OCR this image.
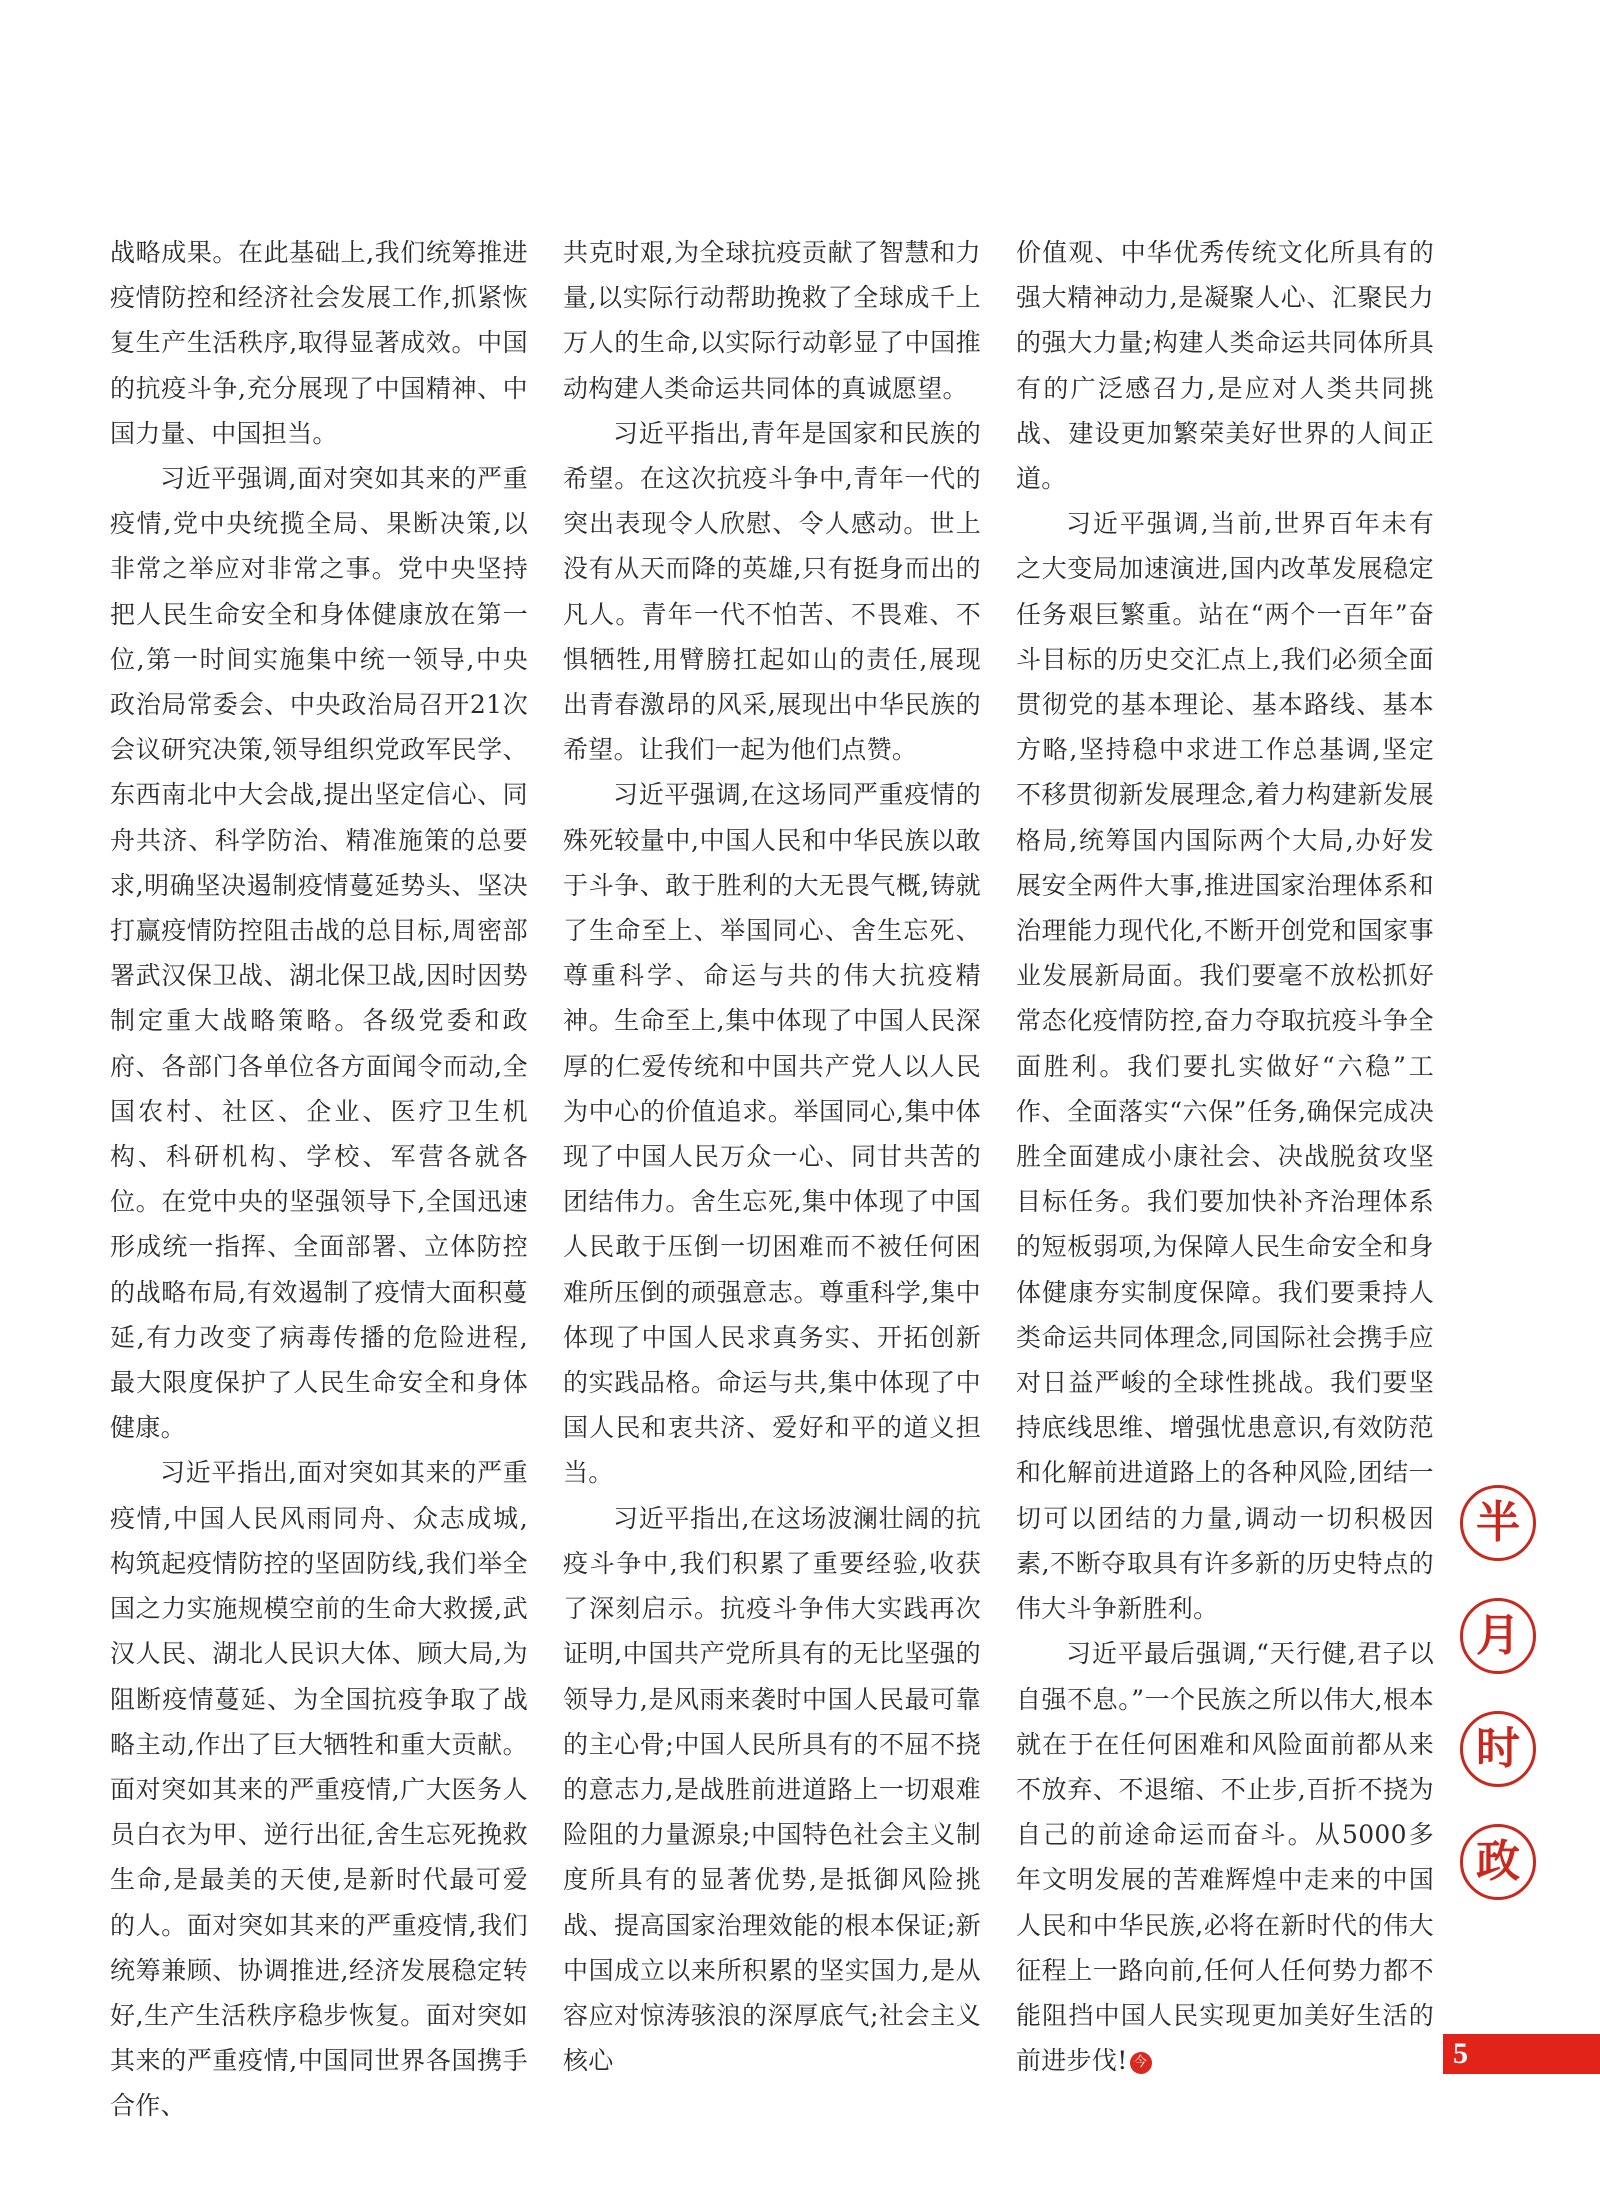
战略成果。在此基础上,我们统筹推进疫情防控和经济社会发展工作,抓紧恢复生产生活秩序,取得显著成效。中国的抗疫斗争,充分展现了中国精神、中国力量、中国担当。

习近平强调,面对突如其来的严重疫情,党中央统揽全局、果断决策,以非常之举应对非常之事。党中央坚持把人民生命安全和身体健康放在第一位,第一时间实施集中统一领导,中央政治局常委会、中央政治局召开21次会议研究决策,领导组织党政军民学、东西南北中大会战,提出坚定信心、同舟共济、科学防治、精准施策的总要求,明确坚决遏制疫情蔓延势头、坚决打赢疫情防控阻击战的总目标,周密部署武汉保卫战、湖北保卫战,因时因势制定重大战略策略。各级党委和政府、各部门各单位各方面闻令而动,全国农村、社区、企业、医疗卫生机构、科研机构、学校、军营各就各位。在党中央的坚强领导下,全国迅速形成统一指挥、全面部署、立体防控的战略布局,有效遏制了疫情大面积蔓延,有力改变了病毒传播的危险进程,最大限度保护了人民生命安全和身体健康。

习近平指出,面对突如其来的严重疫情,中国人民风雨同舟、众志成城,构筑起疫情防控的坚固防线,我们举全国之力实施规模空前的生命大救援,武汉人民、湖北人民识大体、顾大局,为阻断疫情蔓延、为全国抗疫争取了战略主动,作出了巨大牺牲和重大贡献。面对突如其来的严重疫情,广大医务人员白衣为甲、逆行出征,舍生忘死挽救生命,是最美的天使,是新时代最可爱的人。面对突如其来的严重疫情,我们统筹兼顾、协调推进,经济发展稳定转好,生产生活秩序稳步恢复。面对突如其来的严重疫情,中国同世界各国携手合作、

共克时艰,为全球抗疫贡献了智慧和力量,以实际行动帮助挽救了全球成千上万人的生命,以实际行动彰显了中国推动构建人类命运共同体的真诚愿望。

习近平指出,青年是国家和民族的希望。在这次抗疫斗争中,青年一代的突出表现令人欣慰、令人感动。世上没有从天而降的英雄,只有挺身而出的凡人。青年一代不怕苦、不畏难、不惧牺牲,用臂膀扛起如山的责任,展现出青春激昂的风采,展现出中华民族的希望。让我们一起为他们点赞。

习近平强调,在这场同严重疫情的殊死较量中,中国人民和中华民族以敢于斗争、敢于胜利的大无畏气概,铸就了生命至上、举国同心、舍生忘死、尊重科学、命运与共的伟大抗疫精神。生命至上,集中体现了中国人民深厚的仁爱传统和中国共产党人以人民为中心的价值追求。举国同心,集中体现了中国人民万众一心、同甘共苦的团结伟力。舍生忘死,集中体现了中国人民敢于压倒一切困难而不被任何困难所压倒的顽强意志。尊重科学,集中体现了中国人民求真务实、开拓创新的实践品格。命运与共,集中体现了中国人民和衷共济、爱好和平的道义担当。

习近平指出,在这场波澜壮阔的抗疫斗争中,我们积累了重要经验,收获了深刻启示。抗疫斗争伟大实践再次证明,中国共产党所具有的无比坚强的领导力,是风雨来袭时中国人民最可靠的主心骨;中国人民所具有的不屈不挠的意志力,是战胜前进道路上一切艰难险阻的力量源泉;中国特色社会主义制度所具有的显著优势,是抵御风险挑战、提高国家治理效能的根本保证;新中国成立以来所积累的坚实国力,是从容应对惊涛骇浪的深厚底气;社会主义核心

价值观、中华优秀传统文化所具有的强大精神动力,是凝聚人心、汇聚民力的强大力量;构建人类命运共同体所具有的广泛感召力,是应对人类共同挑战、建设更加繁荣美好世界的人间正道。

习近平强调,当前,世界百年未有之大变局加速演进,国内改革发展稳定任务艰巨繁重。站在“两个一百年”奋斗目标的历史交汇点上,我们必须全面贯彻党的基本理论、基本路线、基本方略,坚持稳中求进工作总基调,坚定不移贯彻新发展理念,着力构建新发展格局,统筹国内国际两个大局,办好发展安全两件大事,推进国家治理体系和治理能力现代化,不断开创党和国家事业发展新局面。我们要毫不放松抓好常态化疫情防控,奋力夺取抗疫斗争全面胜利。我们要扎实做好“六稳”工作、全面落实“六保”任务,确保完成决胜全面建成小康社会、决战脱贫攻坚目标任务。我们要加快补齐治理体系的短板弱项,为保障人民生命安全和身体健康夯实制度保障。我们要秉持人类命运共同体理念,同国际社会携手应对日益严峻的全球性挑战。我们要坚持底线思维、增强忧患意识,有效防范和化解前进道路上的各种风险,团结一切可以团结的力量,调动一切积极因素,不断夺取具有许多新的历史特点的伟大斗争新胜利。

习近平最后强调,“天行健,君子以自强不息。”一个民族之所以伟大,根本就在于在任何困难和风险面前都从来不放弃、不退缩、不止步,百折不挠为自己的前途命运而奋斗。从5000多年文明发展的苦难辉煌中走来的中国人民和中华民族,必将在新时代的伟大征程上一路向前,任何人任何势力都不能阻挡中国人民实现更加美好生活的前进步伐! 今

半
月
时
政
5
